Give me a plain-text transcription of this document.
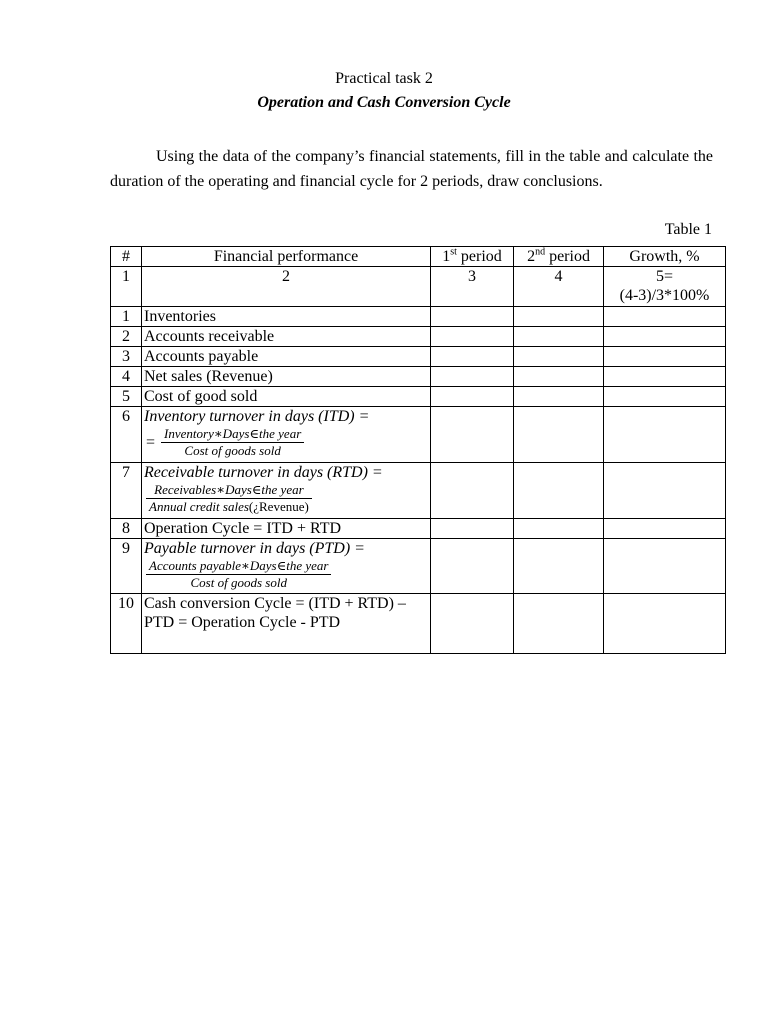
Practical task 2
Operation and Cash Conversion Cycle
Using the data of the company’s financial statements, fill in the table and calculate the duration of the operating and financial cycle for 2 periods, draw conclusions.
Table 1
#	Financial performance	1st period	2nd period	Growth, %
1	2	3	4	5=
(4-3)/3*100%

1	Inventories			
2	Accounts receivable			
3	Accounts payable			
4	Net sales (Revenue)			
5	Cost of good sold			
6	Inventory turnover in days (ITD) =
= $\frac{\text{Inventory∗Days∈the year}}{\text{Cost of goods sold}}$

7	Receivable turnover in days (RTD) =
$\frac{\text{Receivables∗Days∈the year}}{\text{Annual credit sales(¿Revenue)}}$

8	Operation Cycle = ITD + RTD			
9	Payable turnover in days (PTD) =
$\frac{\text{Accounts payable∗Days∈the year}}{\text{Cost of goods sold}}$

10	Cash conversion Cycle = (ITD + RTD) – PTD = Operation Cycle - PTD			
